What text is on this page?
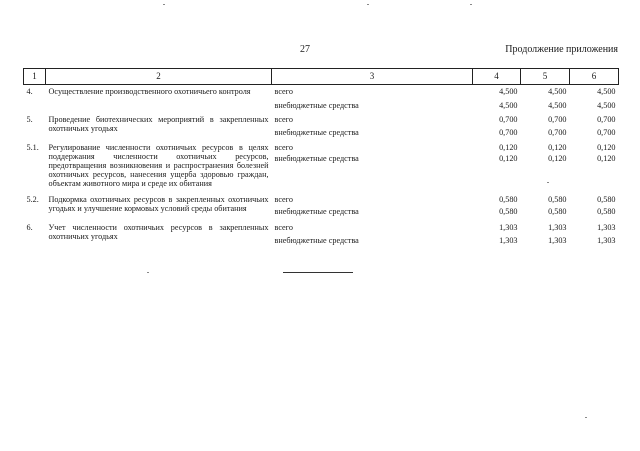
27	Продолжение приложения
1	2	3	4	5	6
4.	Осуществление производственного охотничьего контроля	всего	4,500	4,500	4,500
		внебюджетные средства	4,500	4,500	4,500
5.	Проведение биотехнических мероприятий в закрепленных охотничьих угодьях	всего	0,700	0,700	0,700
		внебюджетные средства	0,700	0,700	0,700
5.1.	Регулирование численности охотничьих ресурсов в целях поддержания численности охотничьих ресурсов, предотвращения возникновения и распространения болезней охотничьих ресурсов, нанесения ущерба здоровью граждан, объектам животного мира и среде их обитания	всего	0,120	0,120	0,120
		внебюджетные средства	0,120	0,120	0,120
5.2.	Подкормка охотничьих ресурсов в закрепленных охотничьих угодьях и улучшение кормовых условий среды обитания	всего	0,580	0,580	0,580
		внебюджетные средства	0,580	0,580	0,580
6.	Учет численности охотничьих ресурсов в закрепленных охотничьих угодьях	всего	1,303	1,303	1,303
		внебюджетные средства	1,303	1,303	1,303
